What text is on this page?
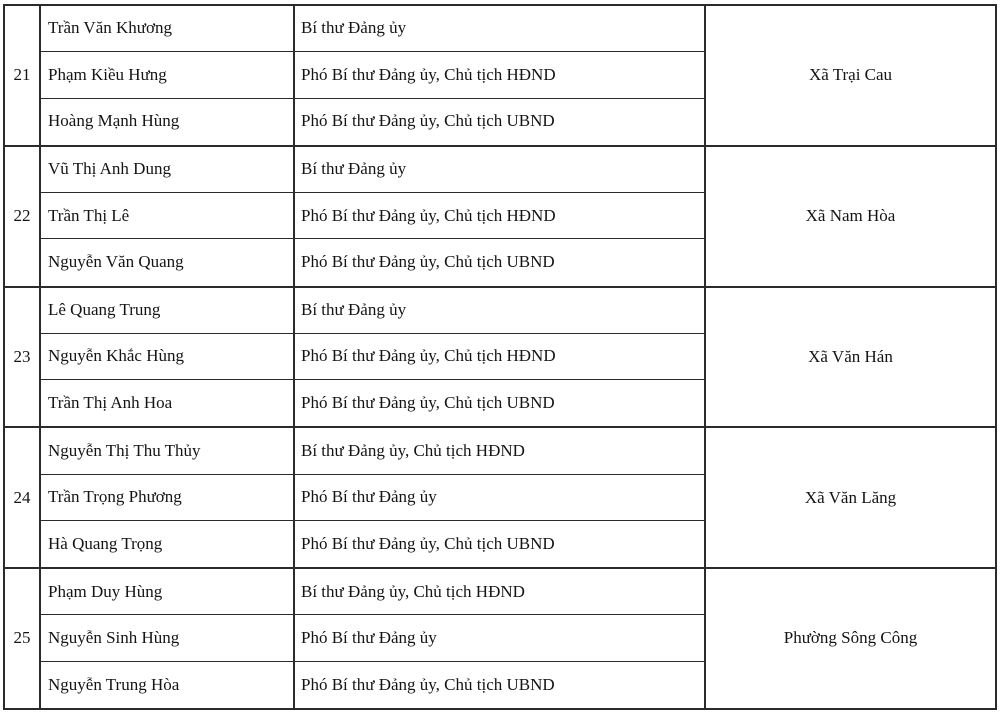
21
Trần Văn Khương	Bí thư Đảng ủy
Phạm Kiều Hưng	Phó Bí thư Đảng ủy, Chủ tịch HĐND
Hoàng Mạnh Hùng	Phó Bí thư Đảng ủy, Chủ tịch UBND
Xã Trại Cau
22
Vũ Thị Anh Dung	Bí thư Đảng ủy
Trần Thị Lê	Phó Bí thư Đảng ủy, Chủ tịch HĐND
Nguyễn Văn Quang	Phó Bí thư Đảng ủy, Chủ tịch UBND
Xã Nam Hòa
23
Lê Quang Trung	Bí thư Đảng ủy
Nguyễn Khắc Hùng	Phó Bí thư Đảng ủy, Chủ tịch HĐND
Trần Thị Anh Hoa	Phó Bí thư Đảng ủy, Chủ tịch UBND
Xã Văn Hán
24
Nguyễn Thị Thu Thủy	Bí thư Đảng ủy, Chủ tịch HĐND
Trần Trọng Phương	Phó Bí thư Đảng ủy
Hà Quang Trọng	Phó Bí thư Đảng ủy, Chủ tịch UBND
Xã Văn Lăng
25
Phạm Duy Hùng	Bí thư Đảng ủy, Chủ tịch HĐND
Nguyễn Sinh Hùng	Phó Bí thư Đảng ủy
Nguyễn Trung Hòa	Phó Bí thư Đảng ủy, Chủ tịch UBND
Phường Sông Công
